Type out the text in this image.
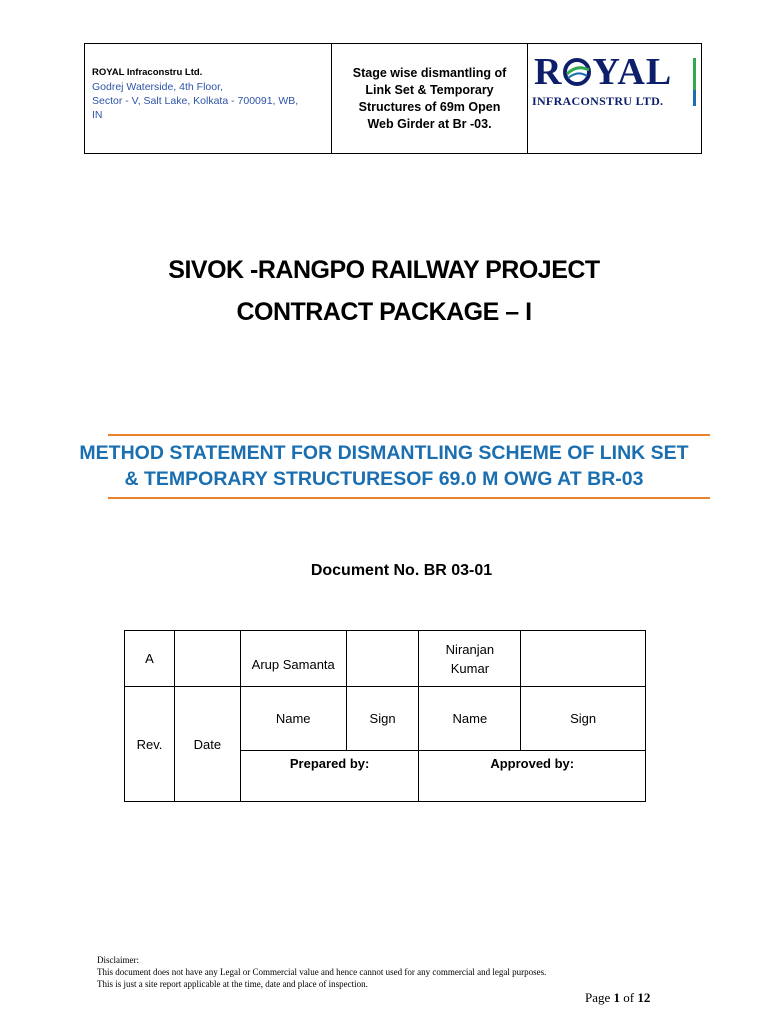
ROYAL Infraconstru Ltd.
Godrej Waterside, 4th Floor,
Sector - V, Salt Lake, Kolkata - 700091, WB,
IN
Stage wise dismantling of
Link Set & Temporary
Structures of 69m Open
Web Girder at Br -03.
R YAL
INFRACONSTRU LTD.
SIVOK -RANGPO RAILWAY PROJECT
CONTRACT PACKAGE – I
METHOD STATEMENT FOR DISMANTLING SCHEME OF LINK SET
& TEMPORARY STRUCTURESOF 69.0 M OWG AT BR-03
Document No. BR 03-01
A		Arup Samanta		Niranjan
Kumar	

Rev.	Date	Name	Sign	Name	Sign
		Prepared by:		Approved by:	
Disclaimer:
This document does not have any Legal or Commercial value and hence cannot used for any commercial and legal purposes.
This is just a site report applicable at the time, date and place of inspection.
Page 1 of 12
